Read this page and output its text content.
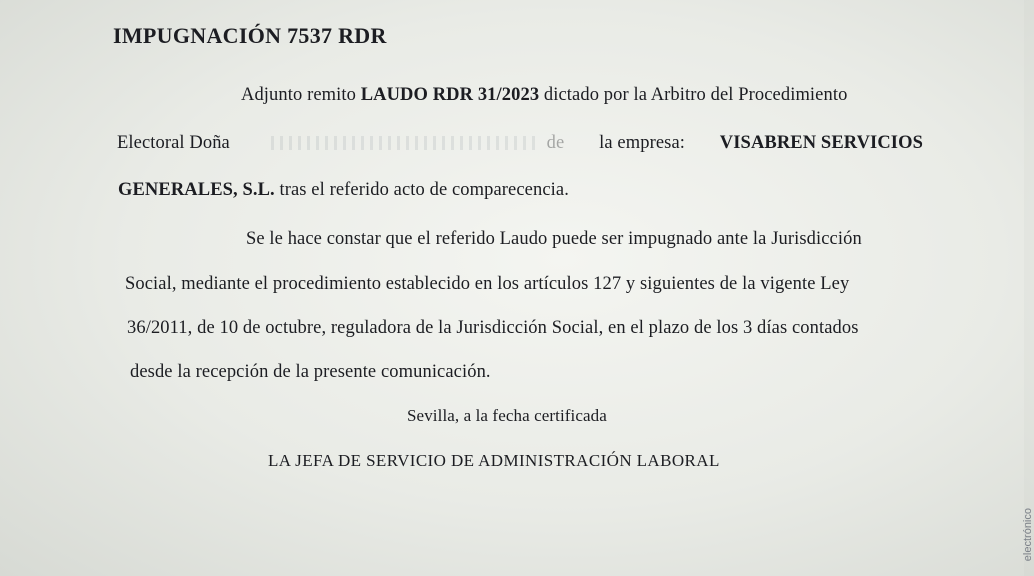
IMPUGNACIÓN 7537 RDR
Adjunto remito LAUDO RDR 31/2023 dictado por la Arbitro del Procedimiento
Electoral Doña	de la empresa: VISABREN SERVICIOS
GENERALES, S.L. tras el referido acto de comparecencia.
Se le hace constar que el referido Laudo puede ser impugnado ante la Jurisdicción
Social, mediante el procedimiento establecido en los artículos 127 y siguientes de la vigente Ley
36/2011, de 10 de octubre, reguladora de la Jurisdicción Social, en el plazo de los 3 días contados
desde la recepción de la presente comunicación.
Sevilla, a la fecha certificada
LA JEFA DE SERVICIO DE ADMINISTRACIÓN LABORAL
electrónico
